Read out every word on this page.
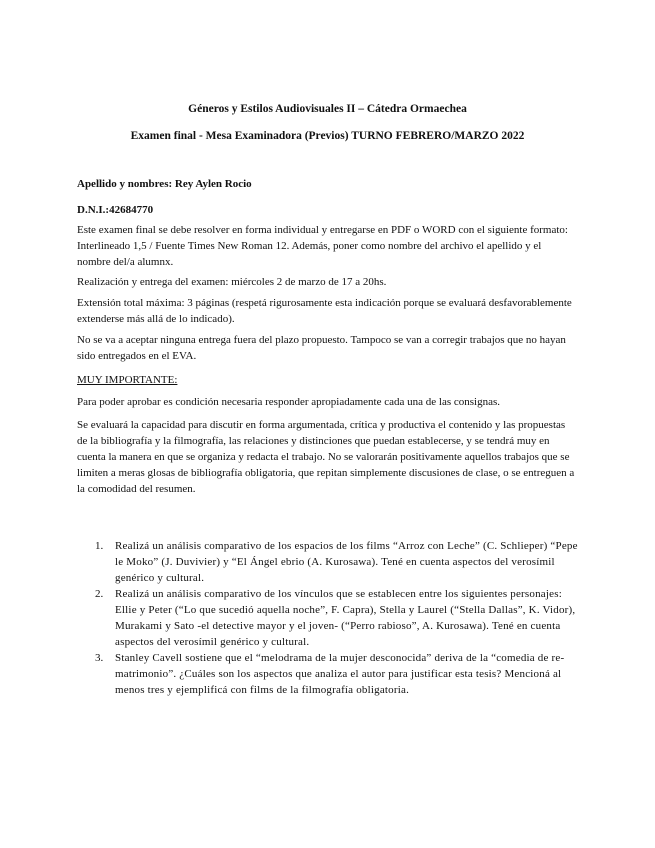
Géneros y Estilos Audiovisuales II – Cátedra Ormaechea
Examen final - Mesa Examinadora (Previos) TURNO FEBRERO/MARZO 2022
Apellido y nombres: Rey Aylen Rocio
D.N.I.:42684770
Este examen final se debe resolver en forma individual y entregarse en PDF o WORD con el siguiente formato: Interlineado 1,5 / Fuente Times New Roman 12. Además, poner como nombre del archivo el apellido y el nombre del/a alumnx.
Realización y entrega del examen: miércoles 2 de marzo de 17 a 20hs.
Extensión total máxima: 3 páginas (respetá rigurosamente esta indicación porque se evaluará desfavorablemente extenderse más allá de lo indicado).
No se va a aceptar ninguna entrega fuera del plazo propuesto. Tampoco se van a corregir trabajos que no hayan sido entregados en el EVA.
MUY IMPORTANTE:
Para poder aprobar es condición necesaria responder apropiadamente cada una de las consignas.
Se evaluará la capacidad para discutir en forma argumentada, crítica y productiva el contenido y las propuestas de la bibliografía y la filmografía, las relaciones y distinciones que puedan establecerse, y se tendrá muy en cuenta la manera en que se organiza y redacta el trabajo. No se valorarán positivamente aquellos trabajos que se limiten a meras glosas de bibliografía obligatoria, que repitan simplemente discusiones de clase, o se entreguen a la comodidad del resumen.
1.	Realizá un análisis comparativo de los espacios de los films “Arroz con Leche” (C. Schlieper) “Pepe le Moko” (J. Duvivier) y “El Ángel ebrio (A. Kurosawa). Tené en cuenta aspectos del verosímil genérico y cultural.
2.	Realizá un análisis comparativo de los vínculos que se establecen entre los siguientes personajes: Ellie y Peter (“Lo que sucedió aquella noche”, F. Capra), Stella y Laurel (“Stella Dallas”, K. Vidor), Murakami y Sato -el detective mayor y el joven- (“Perro rabioso”, A. Kurosawa). Tené en cuenta aspectos del verosímil genérico y cultural.
3.	Stanley Cavell sostiene que el “melodrama de la mujer desconocida” deriva de la “comedia de re-matrimonio”. ¿Cuáles son los aspectos que analiza el autor para justificar esta tesis? Mencioná al menos tres y ejemplificá con films de la filmografía obligatoria.
